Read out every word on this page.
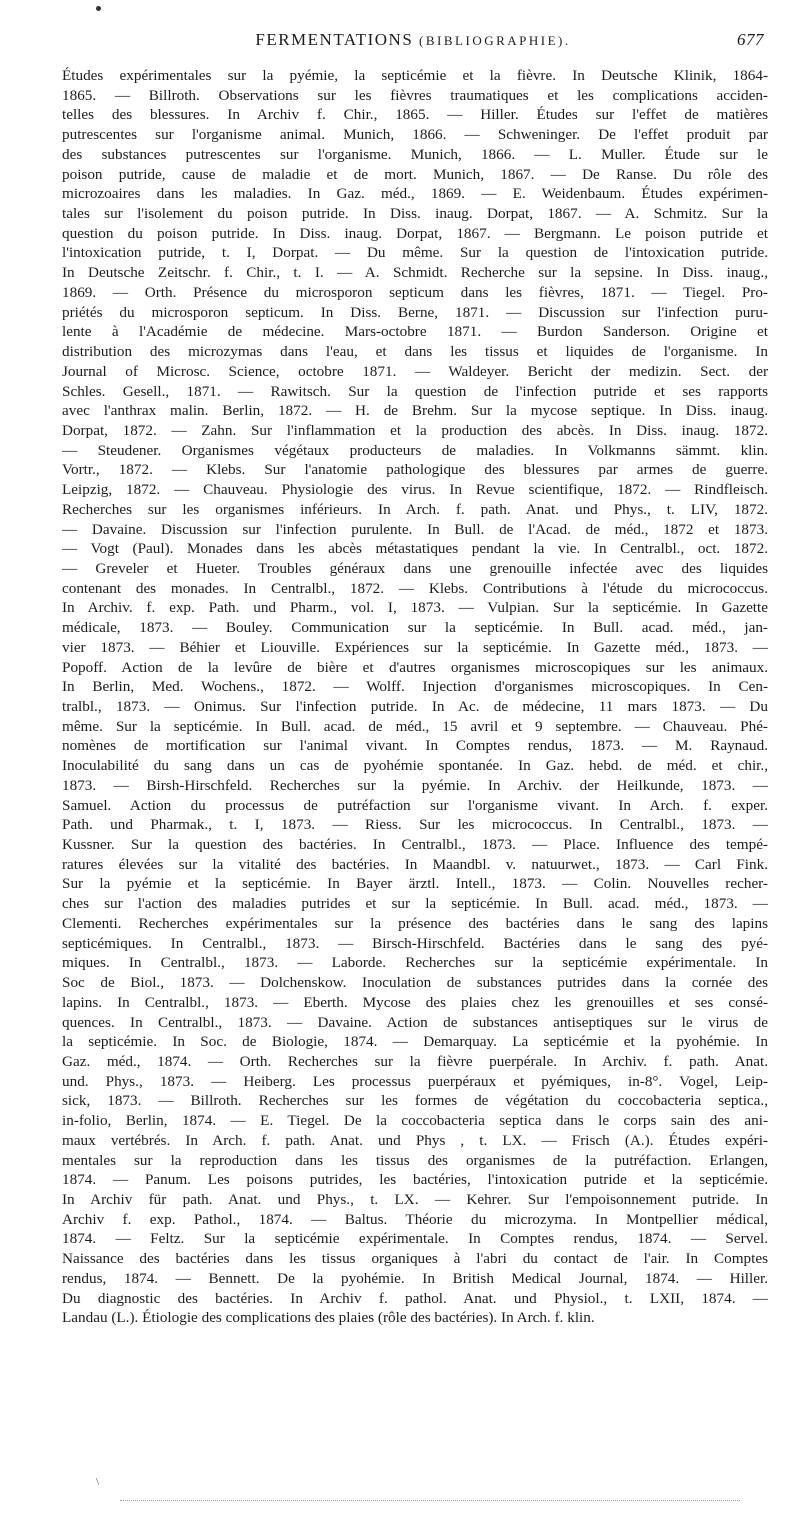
FERMENTATIONS (BIBLIOGRAPHIE).	677
Études expérimentales sur la pyémie, la septicémie et la fièvre. In Deutsche Klinik, 1864-
1865. — Billroth. Observations sur les fièvres traumatiques et les complications acciden-
telles des blessures. In Archiv f. Chir., 1865. — Hiller. Études sur l'effet de matières
putrescentes sur l'organisme animal. Munich, 1866. — Schweninger. De l'effet produit par
des substances putrescentes sur l'organisme. Munich, 1866. — L. Muller. Étude sur le
poison putride, cause de maladie et de mort. Munich, 1867. — De Ranse. Du rôle des
microzoaires dans les maladies. In Gaz. méd., 1869. — E. Weidenbaum. Études expérimen-
tales sur l'isolement du poison putride. In Diss. inaug. Dorpat, 1867. — A. Schmitz. Sur la
question du poison putride. In Diss. inaug. Dorpat, 1867. — Bergmann. Le poison putride et
l'intoxication putride, t. I, Dorpat. — Du même. Sur la question de l'intoxication putride.
In Deutsche Zeitschr. f. Chir., t. I. — A. Schmidt. Recherche sur la sepsine. In Diss. inaug.,
1869. — Orth. Présence du microsporon septicum dans les fièvres, 1871. — Tiegel. Pro-
priétés du microsporon septicum. In Diss. Berne, 1871. — Discussion sur l'infection puru-
lente à l'Académie de médecine. Mars-octobre 1871. — Burdon Sanderson. Origine et
distribution des microzymas dans l'eau, et dans les tissus et liquides de l'organisme. In
Journal of Microsc. Science, octobre 1871. — Waldeyer. Bericht der medizin. Sect. der
Schles. Gesell., 1871. — Rawitsch. Sur la question de l'infection putride et ses rapports
avec l'anthrax malin. Berlin, 1872. — H. de Brehm. Sur la mycose septique. In Diss. inaug.
Dorpat, 1872. — Zahn. Sur l'inflammation et la production des abcès. In Diss. inaug. 1872.
— Steudener. Organismes végétaux producteurs de maladies. In Volkmanns sämmt. klin.
Vortr., 1872. — Klebs. Sur l'anatomie pathologique des blessures par armes de guerre.
Leipzig, 1872. — Chauveau. Physiologie des virus. In Revue scientifique, 1872. — Rindfleisch.
Recherches sur les organismes inférieurs. In Arch. f. path. Anat. und Phys., t. LIV, 1872.
— Davaine. Discussion sur l'infection purulente. In Bull. de l'Acad. de méd., 1872 et 1873.
— Vogt (Paul). Monades dans les abcès métastatiques pendant la vie. In Centralbl., oct. 1872.
— Greveler et Hueter. Troubles généraux dans une grenouille infectée avec des liquides
contenant des monades. In Centralbl., 1872. — Klebs. Contributions à l'étude du micrococcus.
In Archiv. f. exp. Path. und Pharm., vol. I, 1873. — Vulpian. Sur la septicémie. In Gazette
médicale, 1873. — Bouley. Communication sur la septicémie. In Bull. acad. méd., jan-
vier 1873. — Béhier et Liouville. Expériences sur la septicémie. In Gazette méd., 1873. —
Popoff. Action de la levûre de bière et d'autres organismes microscopiques sur les animaux.
In Berlin, Med. Wochens., 1872. — Wolff. Injection d'organismes microscopiques. In Cen-
tralbl., 1873. — Onimus. Sur l'infection putride. In Ac. de médecine, 11 mars 1873. — Du
même. Sur la septicémie. In Bull. acad. de méd., 15 avril et 9 septembre. — Chauveau. Phé-
nomènes de mortification sur l'animal vivant. In Comptes rendus, 1873. — M. Raynaud.
Inoculabilité du sang dans un cas de pyohémie spontanée. In Gaz. hebd. de méd. et chir.,
1873. — Birsh-Hirschfeld. Recherches sur la pyémie. In Archiv. der Heilkunde, 1873. —
Samuel. Action du processus de putréfaction sur l'organisme vivant. In Arch. f. exper.
Path. und Pharmak., t. I, 1873. — Riess. Sur les micrococcus. In Centralbl., 1873. —
Kussner. Sur la question des bactéries. In Centralbl., 1873. — Place. Influence des tempé-
ratures élevées sur la vitalité des bactéries. In Maandbl. v. natuurwet., 1873. — Carl Fink.
Sur la pyémie et la septicémie. In Bayer ärztl. Intell., 1873. — Colin. Nouvelles recher-
ches sur l'action des maladies putrides et sur la septicémie. In Bull. acad. méd., 1873. —
Clementi. Recherches expérimentales sur la présence des bactéries dans le sang des lapins
septicémiques. In Centralbl., 1873. — Birsch-Hirschfeld. Bactéries dans le sang des pyé-
miques. In Centralbl., 1873. — Laborde. Recherches sur la septicémie expérimentale. In
Soc de Biol., 1873. — Dolchenskow. Inoculation de substances putrides dans la cornée des
lapins. In Centralbl., 1873. — Eberth. Mycose des plaies chez les grenouilles et ses consé-
quences. In Centralbl., 1873. — Davaine. Action de substances antiseptiques sur le virus de
la septicémie. In Soc. de Biologie, 1874. — Demarquay. La septicémie et la pyohémie. In
Gaz. méd., 1874. — Orth. Recherches sur la fièvre puerpérale. In Archiv. f. path. Anat.
und. Phys., 1873. — Heiberg. Les processus puerpéraux et pyémiques, in-8°. Vogel, Leip-
sick, 1873. — Billroth. Recherches sur les formes de végétation du coccobacteria septica.,
in-folio, Berlin, 1874. — E. Tiegel. De la coccobacteria septica dans le corps sain des ani-
maux vertébrés. In Arch. f. path. Anat. und Phys , t. LX. — Frisch (A.). Études expéri-
mentales sur la reproduction dans les tissus des organismes de la putréfaction. Erlangen,
1874. — Panum. Les poisons putrides, les bactéries, l'intoxication putride et la septicémie.
In Archiv für path. Anat. und Phys., t. LX. — Kehrer. Sur l'empoisonnement putride. In
Archiv f. exp. Pathol., 1874. — Baltus. Théorie du microzyma. In Montpellier médical,
1874. — Feltz. Sur la septicémie expérimentale. In Comptes rendus, 1874. — Servel.
Naissance des bactéries dans les tissus organiques à l'abri du contact de l'air. In Comptes
rendus, 1874. — Bennett. De la pyohémie. In British Medical Journal, 1874. — Hiller.
Du diagnostic des bactéries. In Archiv f. pathol. Anat. und Physiol., t. LXII, 1874. —
Landau (L.). Étiologie des complications des plaies (rôle des bactéries). In Arch. f. klin.
\
